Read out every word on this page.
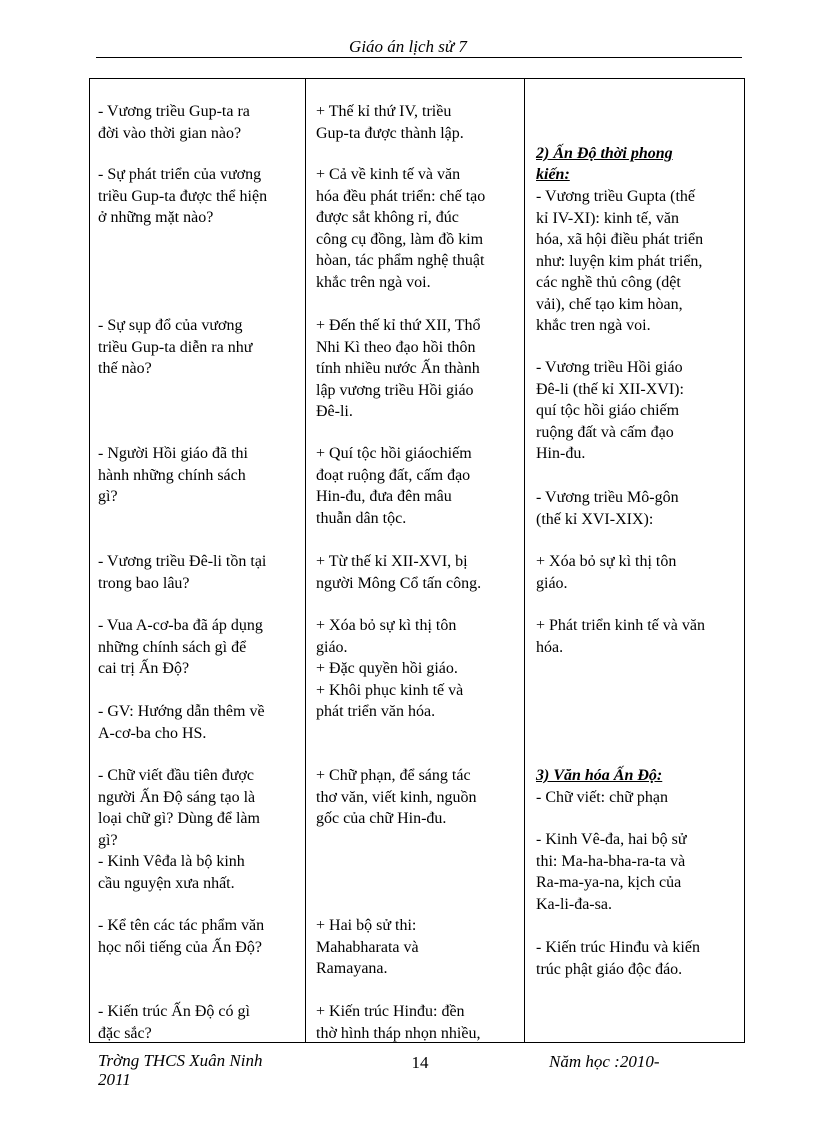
Giáo án lịch sử 7
- Vương triều Gup-ta ra
đời vào thời gian nào?
- Sự phát triển của vương
triều Gup-ta được thể hiện
ở những mặt nào?
- Sự sụp đổ của vương
triều Gup-ta diễn ra như
thế nào?
- Người Hồi giáo đã thi
hành những chính sách
gì?
- Vương triều Đê-li tồn tại
trong bao lâu?
- Vua A-cơ-ba đã áp dụng
những chính sách gì để
cai trị Ấn Độ?
- GV: Hướng dẫn thêm về
A-cơ-ba cho HS.
- Chữ viết đầu tiên được
người Ấn Độ sáng tạo là
loại chữ gì? Dùng để làm
gì?
- Kinh Vêđa là bộ kinh
cầu nguyện xưa nhất.
- Kể tên các tác phẩm văn
học nổi tiếng của Ấn Độ?
- Kiến trúc Ấn Độ có gì
đặc sắc?
+ Thế kỉ thứ IV, triều
Gup-ta được thành lập.
+ Cả về kinh tế và văn
hóa đều phát triển: chế tạo
được sắt không rỉ, đúc
công cụ đồng, làm đồ kim
hòan, tác phẩm nghệ thuật
khắc trên ngà voi.
+ Đến thế kỉ thứ XII, Thổ
Nhi Kì theo đạo hồi thôn
tính nhiều nước Ấn thành
lập vương triều Hồi giáo
Đê-li.
+ Quí tộc hồi giáochiếm
đoạt ruộng đất, cấm đạo
Hin-đu, đưa đên mâu
thuẫn dân tộc.
+ Từ thế kỉ XII-XVI, bị
người Mông Cổ tấn công.
+ Xóa bỏ sự kì thị tôn
giáo.
+ Đặc quyền hồi giáo.
+ Khôi phục kinh tế và
phát triển văn hóa.
+ Chữ phạn, để sáng tác
thơ văn, viết kinh, nguồn
gốc của chữ Hin-đu.
+ Hai bộ sử thi:
Mahabharata và
Ramayana.
+ Kiến trúc Hinđu: đền
thờ hình tháp nhọn nhiều,
2) Ấn Độ thời phong
kiến:
3) Văn hóa Ấn Độ:
- Vương triều Gupta (thế
kỉ IV-XI): kinh tế, văn
hóa, xã hội điều phát triển
như: luyện kim phát triển,
các nghề thủ công (dệt
vải), chế tạo kim hòan,
khắc tren ngà voi.
- Vương triều Hồi giáo
Đê-li (thế kỉ XII-XVI):
quí tộc hồi giáo chiếm
ruộng đất và cấm đạo
Hin-đu.
- Vương triều Mô-gôn
(thế kỉ XVI-XIX):
+ Xóa bỏ sự kì thị tôn
giáo.
+ Phát triển kinh tế và văn
hóa.
- Chữ viết: chữ phạn
- Kinh Vê-đa, hai bộ sử
thi: Ma-ha-bha-ra-ta và
Ra-ma-ya-na, kịch của
Ka-li-đa-sa.
- Kiến trúc Hinđu và kiến
trúc phật giáo độc đáo.
Trờng THCS Xuân Ninh	14	Năm học :2010-
2011
